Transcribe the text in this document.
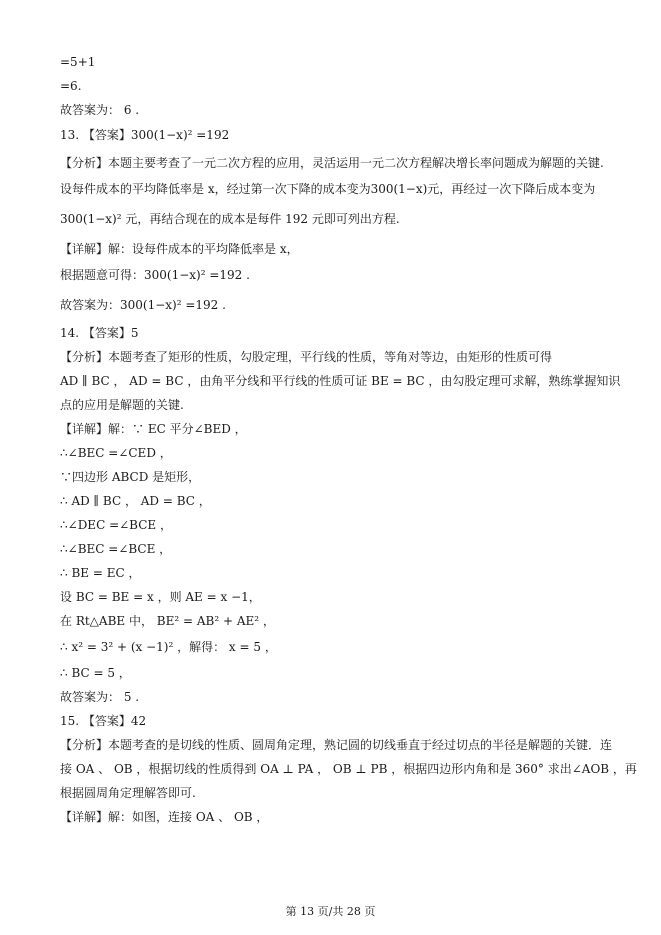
=5+1
=6.
故答案为： 6 .
13. 【答案】300(1−x)² =192
【分析】本题主要考查了一元二次方程的应用，灵活运用一元二次方程解决增长率问题成为解题的关键.
设每件成本的平均降低率是 x，经过第一次下降的成本变为300(1−x)元，再经过一次下降后成本变为
300(1−x)² 元，再结合现在的成本是每件 192 元即可列出方程.
【详解】解：设每件成本的平均降低率是 x，
根据题意可得：300(1−x)² =192 .
故答案为：300(1−x)² =192 .
14. 【答案】5
【分析】本题考查了矩形的性质，勾股定理，平行线的性质，等角对等边，由矩形的性质可得
AD ∥ BC ， AD = BC ，由角平分线和平行线的性质可证 BE = BC ，由勾股定理可求解，熟练掌握知识
点的应用是解题的关键.
【详解】解：∵ EC 平分∠BED ，
∴∠BEC =∠CED ，
∵四边形 ABCD 是矩形，
∴ AD ∥ BC ， AD = BC ，
∴∠DEC =∠BCE ，
∴∠BEC =∠BCE ，
∴ BE = EC ，
设 BC = BE = x ，则 AE = x −1，
在 Rt△ABE 中， BE² = AB² + AE² ，
∴ x² = 3² + (x −1)² ，解得： x = 5 ，
∴ BC = 5 ，
故答案为： 5 .
15. 【答案】42
【分析】本题考查的是切线的性质、圆周角定理，熟记圆的切线垂直于经过切点的半径是解题的关键．连
接 OA 、 OB ，根据切线的性质得到 OA ⊥ PA ， OB ⊥ PB ，根据四边形内角和是 360° 求出∠AOB ，再
根据圆周角定理解答即可.
【详解】解：如图，连接 OA 、 OB ，
第 13 页/共 28 页
